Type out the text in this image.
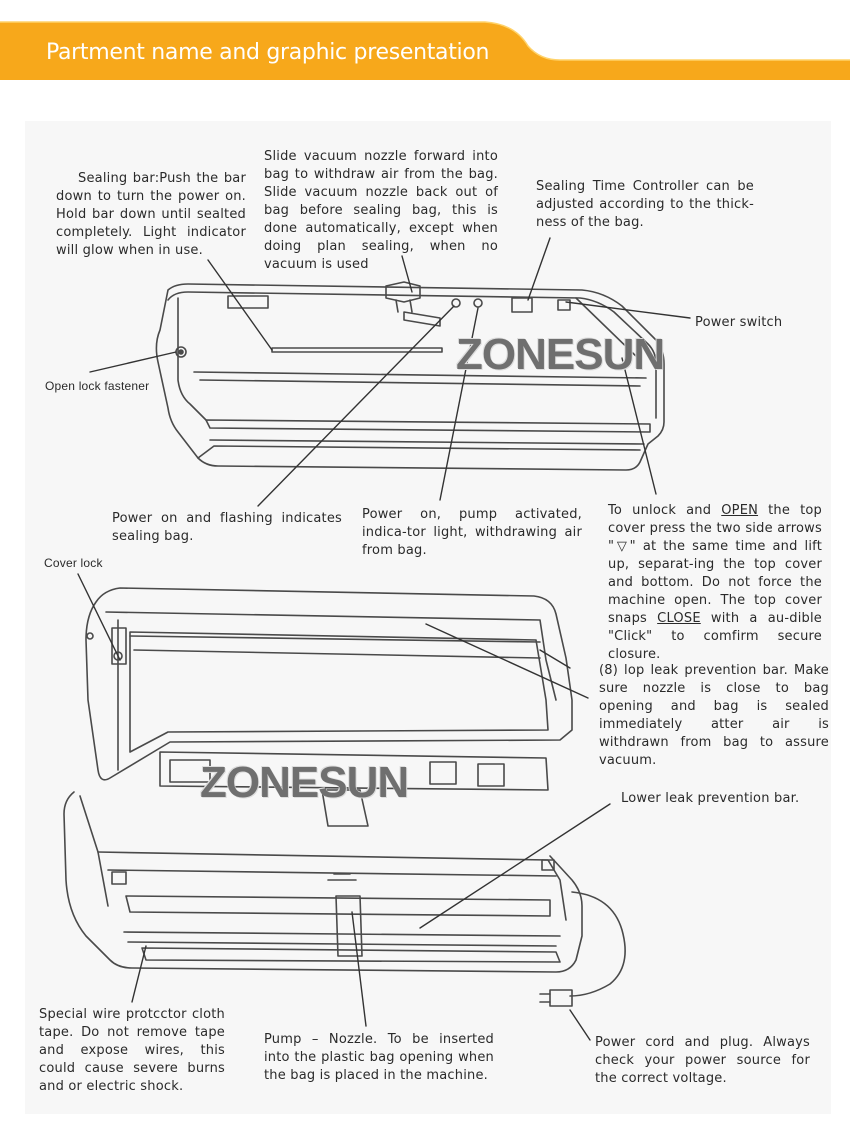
Partment name and graphic presentation
ZONESUN
ZONESUN
Sealing bar:Push the bar down to turn the power on. Hold bar down until sealted completely. Light indicator will glow when in use.
Slide vacuum nozzle forward into bag to withdraw air from the bag. Slide vacuum nozzle back out of bag before sealing bag, this is done automatically, except when doing plan sealing, when no vacuum is used
Sealing Time Controller can be adjusted according to the thick-ness of the bag.
Power switch
Open lock fastener
Power on and flashing indicates sealing bag.
Power on, pump activated, indica-tor light, withdrawing air from bag.
To unlock and OPEN the top cover press the two side arrows "▽" at the same time and lift up, separat-ing the top cover and bottom. Do not force the machine open. The top cover snaps CLOSE with a au-dible "Click" to comfirm secure closure.
Cover lock
(8) lop leak prevention bar. Make sure nozzle is close to bag opening and bag is sealed immediately atter air is withdrawn from bag to assure vacuum.
Lower leak prevention bar.
Special wire protcctor cloth tape. Do not remove tape and expose wires, this could cause severe burns and or electric shock.
Pump – Nozzle. To be inserted into the plastic bag opening when the bag is placed in the machine.
Power cord and plug. Always check your power source for the correct voltage.
